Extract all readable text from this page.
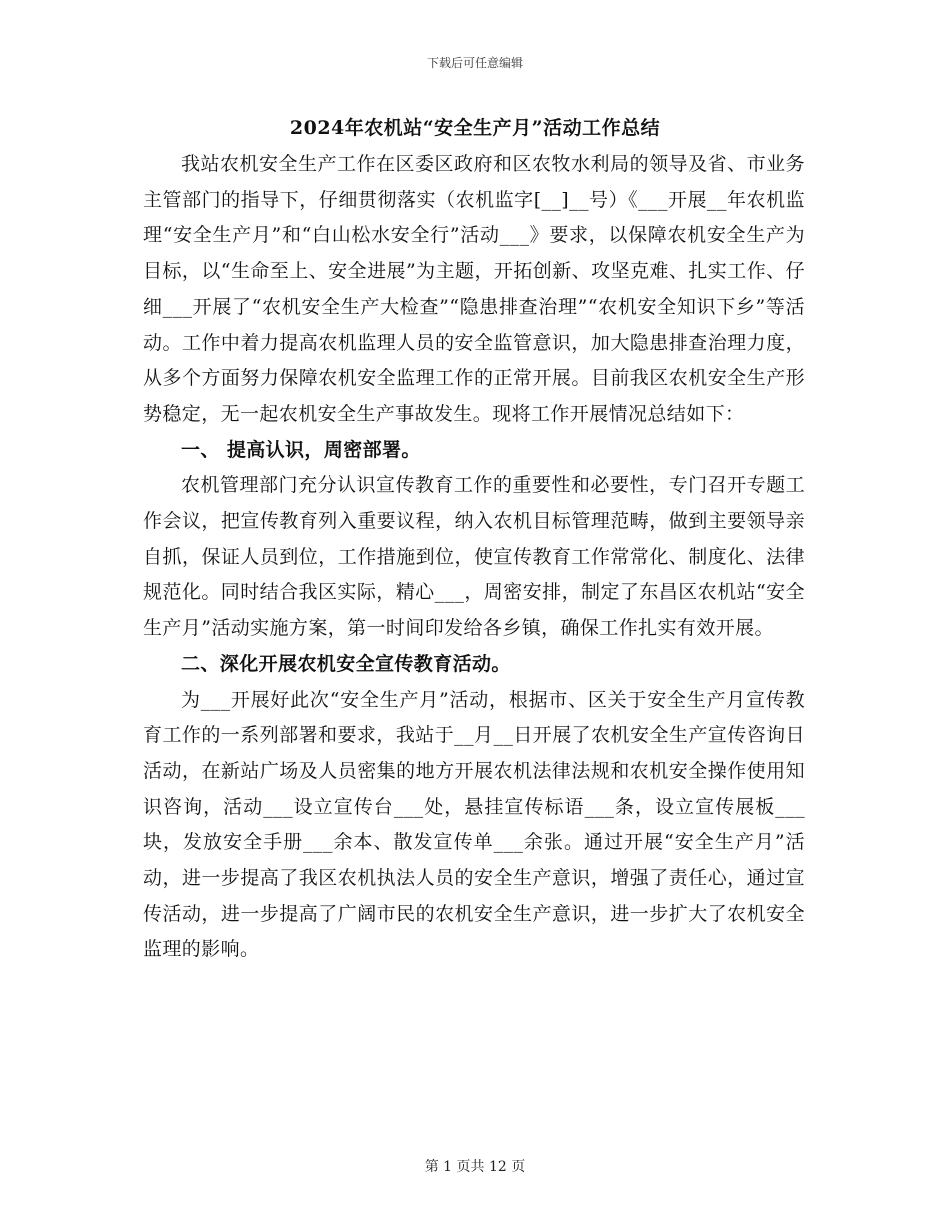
下载后可任意编辑
2024年农机站“安全生产月”活动工作总结

我站农机安全生产工作在区委区政府和区农牧水利局的领导及省、市业务主管部门的指导下，仔细贯彻落实（农机监字[__]__号）《___开展__年农机监理“安全生产月”和“白山松水安全行”活动___》要求，以保障农机安全生产为目标，以“生命至上、安全进展”为主题，开拓创新、攻坚克难、扎实工作、仔细___开展了“农机安全生产大检查”“隐患排查治理”“农机安全知识下乡”等活动。工作中着力提高农机监理人员的安全监管意识，加大隐患排查治理力度，从多个方面努力保障农机安全监理工作的正常开展。目前我区农机安全生产形势稳定，无一起农机安全生产事故发生。现将工作开展情况总结如下：

一、 提高认识，周密部署。

农机管理部门充分认识宣传教育工作的重要性和必要性，专门召开专题工作会议，把宣传教育列入重要议程，纳入农机目标管理范畴，做到主要领导亲自抓，保证人员到位，工作措施到位，使宣传教育工作常常化、制度化、法律规范化。同时结合我区实际，精心___，周密安排，制定了东昌区农机站“安全生产月”活动实施方案，第一时间印发给各乡镇，确保工作扎实有效开展。

二、深化开展农机安全宣传教育活动。

为___开展好此次“安全生产月”活动，根据市、区关于安全生产月宣传教育工作的一系列部署和要求，我站于__月__日开展了农机安全生产宣传咨询日活动，在新站广场及人员密集的地方开展农机法律法规和农机安全操作使用知识咨询，活动___设立宣传台___处，悬挂宣传标语___条，设立宣传展板___块，发放安全手册___余本、散发宣传单___余张。通过开展“安全生产月”活动，进一步提高了我区农机执法人员的安全生产意识，增强了责任心，通过宣传活动，进一步提高了广阔市民的农机安全生产意识，进一步扩大了农机安全监理的影响。

第 1 页共 12 页
